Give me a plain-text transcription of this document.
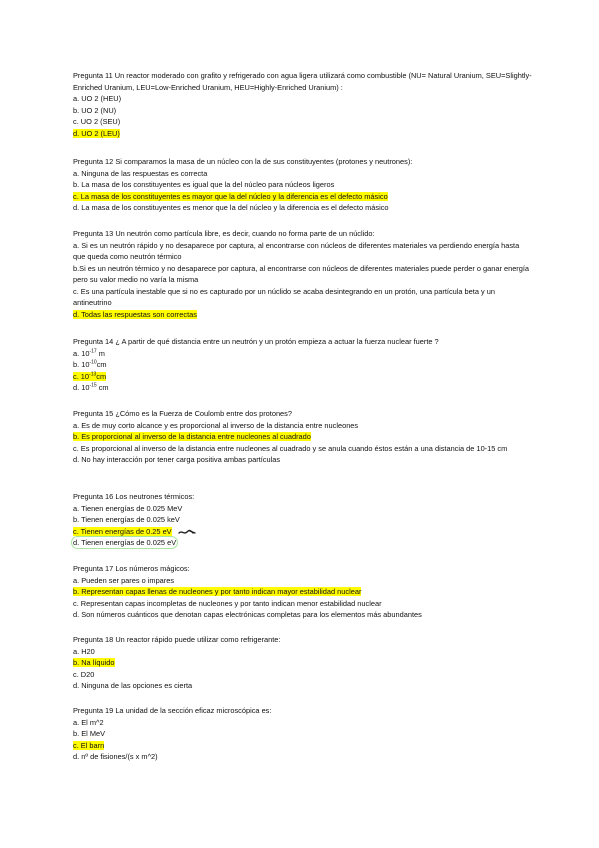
Pregunta 11 Un reactor moderado con grafito y refrigerado con agua ligera utilizará como combustible (NU= Natural Uranium, SEU=Slightly-Enriched Uranium, LEU=Low-Enriched Uranium, HEU=Highly-Enriched Uranium) :
a. UO 2 (HEU)
b. UO 2 (NU)
c. UO 2 (SEU)
d. UO 2 (LEU)
Pregunta 12 Si comparamos la masa de un núcleo con la de sus constituyentes (protones y neutrones):
a. Ninguna de las respuestas es correcta
b. La masa de los constituyentes es igual que la del núcleo para núcleos ligeros
c. La masa de los constituyentes es mayor que la del núcleo y la diferencia es el defecto másico
d. La masa de los constituyentes es menor que la del núcleo y la diferencia es el defecto másico
Pregunta 13 Un neutrón como partícula libre, es decir, cuando no forma parte de un núclido:
a. Si es un neutrón rápido y no desaparece por captura, al encontrarse con núcleos de diferentes materiales va perdiendo energía hasta que queda como neutrón térmico
b.Si es un neutrón térmico y no desaparece por captura, al encontrarse con núcleos de diferentes materiales puede perder o ganar energía pero su valor medio no varía la misma
c. Es una partícula inestable que si no es capturado por un núclido se acaba desintegrando en un protón, una partícula beta y un antineutrino
d. Todas las respuestas son correctas
Pregunta 14 ¿ A partir de qué distancia entre un neutrón y un protón empieza a actuar la fuerza nuclear fuerte ?
a. $10^{-17}$ m
b. $10^{-10}cm$
c. $10^{-13}cm$
d. $10^{-15}$ cm
Pregunta 15 ¿Cómo es la Fuerza de Coulomb entre dos protones?
a. Es de muy corto alcance y es proporcional al inverso de la distancia entre nucleones
b. Es proporcional al inverso de la distancia entre nucleones al cuadrado
c. Es proporcional al inverso de la distancia entre nucleones al cuadrado y se anula cuando éstos están a una distancia de 10-15 cm
d. No hay interacción por tener carga positiva ambas partículas
Pregunta 16 Los neutrones térmicos:
a. Tienen energías de 0.025 MeV
b. Tienen energías de 0.025 keV
c. Tienen energías de 0.25 eV
d. Tienen energías de 0.025 eV
Pregunta 17 Los números mágicos:
a. Pueden ser pares o impares
b. Representan capas llenas de nucleones y por tanto indican mayor estabilidad nuclear
c. Representan capas incompletas de nucleones y por tanto indican menor estabilidad nuclear
d. Son números cuánticos que denotan capas electrónicas completas para los elementos más abundantes
Pregunta 18 Un reactor rápido puede utilizar como refrigerante:
a. H20
b. Na líquido
c. D20
d. Ninguna de las opciones es cierta
Pregunta 19 La unidad de la sección eficaz microscópica es:
a. El m^2
b. El MeV
c. El barn
d. nº de fisiones/(s x m^2)
